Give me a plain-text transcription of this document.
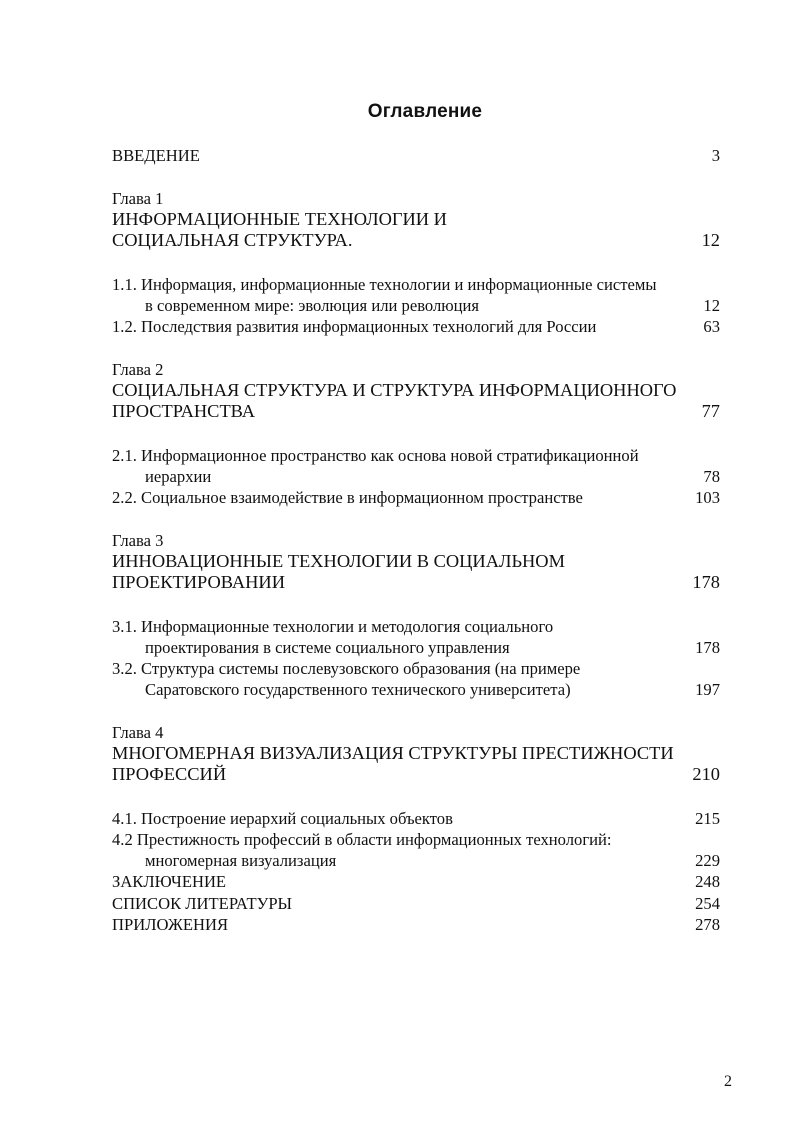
Оглавление
ВВЕДЕНИЕ	3
Глава 1
ИНФОРМАЦИОННЫЕ ТЕХНОЛОГИИ И
СОЦИАЛЬНАЯ СТРУКТУРА.	12
1.1. Информация, информационные технологии и информационные системы
в современном мире: эволюция или революция	12
1.2. Последствия развития информационных технологий для России	63
Глава 2
СОЦИАЛЬНАЯ СТРУКТУРА И СТРУКТУРА ИНФОРМАЦИОННОГО
ПРОСТРАНСТВА	77
2.1. Информационное пространство как основа новой стратификационной
иерархии	78
2.2. Социальное взаимодействие в информационном пространстве	103
Глава 3
ИННОВАЦИОННЫЕ ТЕХНОЛОГИИ В СОЦИАЛЬНОМ
ПРОЕКТИРОВАНИИ	178
3.1. Информационные технологии и методология социального
проектирования в системе социального управления	178
3.2. Структура системы послевузовского образования (на примере
Саратовского государственного технического университета)	197
Глава 4
МНОГОМЕРНАЯ ВИЗУАЛИЗАЦИЯ СТРУКТУРЫ ПРЕСТИЖНОСТИ
ПРОФЕССИЙ	210
4.1. Построение иерархий социальных объектов	215
4.2 Престижность профессий в области информационных технологий:
многомерная визуализация	229
ЗАКЛЮЧЕНИЕ	248
СПИСОК ЛИТЕРАТУРЫ	254
ПРИЛОЖЕНИЯ	278
2
